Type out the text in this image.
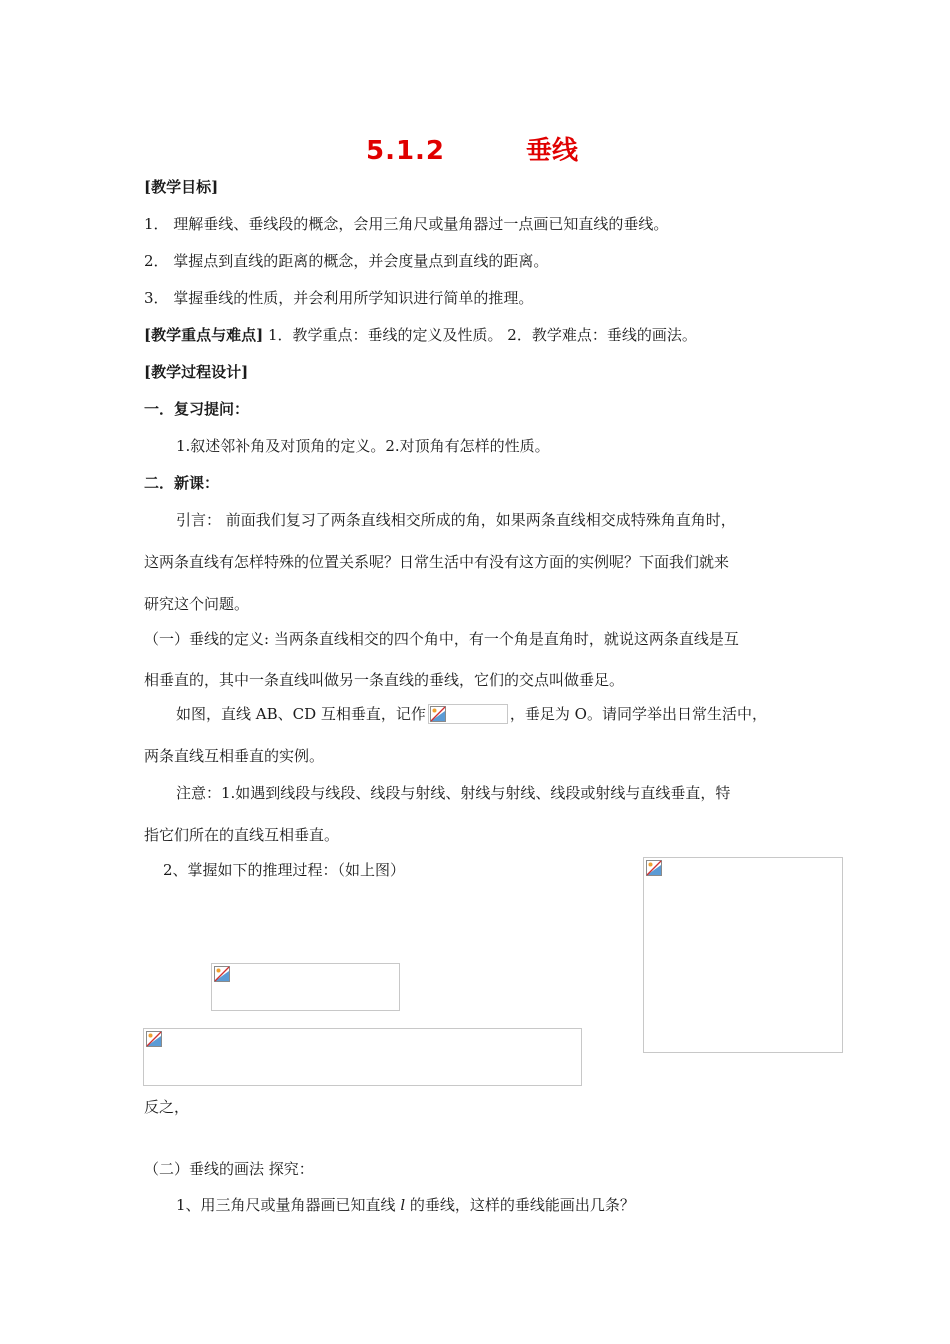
5.1.2	垂线
[教学目标]
1． 理解垂线、垂线段的概念，会用三角尺或量角器过一点画已知直线的垂线。
2． 掌握点到直线的距离的概念，并会度量点到直线的距离。
3． 掌握垂线的性质，并会利用所学知识进行简单的推理。
[教学重点与难点] 1．教学重点：垂线的定义及性质。 2．教学难点：垂线的画法。
[教学过程设计]
一．复习提问：
1.叙述邻补角及对顶角的定义。2.对顶角有怎样的性质。
二．新课：
引言： 前面我们复习了两条直线相交所成的角，如果两条直线相交成特殊角直角时，
这两条直线有怎样特殊的位置关系呢？日常生活中有没有这方面的实例呢？下面我们就来
研究这个问题。
（一）垂线的定义: 当两条直线相交的四个角中，有一个角是直角时，就说这两条直线是互
相垂直的，其中一条直线叫做另一条直线的垂线，它们的交点叫做垂足。
如图，直线 AB、CD 互相垂直，记作	，垂足为 O。请同学举出日常生活中，
两条直线互相垂直的实例。
注意：1.如遇到线段与线段、线段与射线、射线与射线、线段或射线与直线垂直，特
指它们所在的直线互相垂直。
2、掌握如下的推理过程：（如上图）
反之，
（二）垂线的画法 探究：
1、用三角尺或量角器画已知直线 l 的垂线，这样的垂线能画出几条？
